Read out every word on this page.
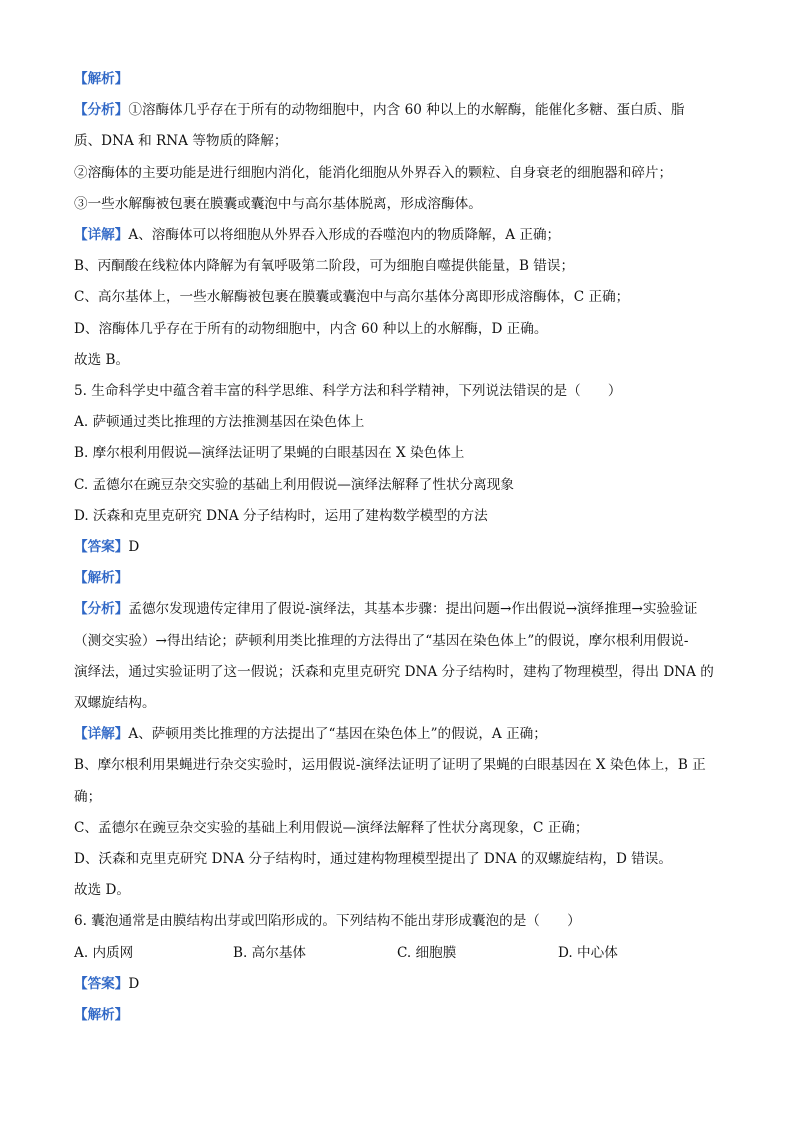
【解析】
【分析】①溶酶体几乎存在于所有的动物细胞中，内含 60 种以上的水解酶，能催化多糖、蛋白质、脂
质、DNA 和 RNA 等物质的降解；
②溶酶体的主要功能是进行细胞内消化，能消化细胞从外界吞入的颗粒、自身衰老的细胞器和碎片；
③一些水解酶被包裹在膜囊或囊泡中与高尔基体脱离，形成溶酶体。
【详解】A、溶酶体可以将细胞从外界吞入形成的吞噬泡内的物质降解，A 正确；
B、丙酮酸在线粒体内降解为有氧呼吸第二阶段，可为细胞自噬提供能量，B 错误；
C、高尔基体上，一些水解酶被包裹在膜囊或囊泡中与高尔基体分离即形成溶酶体，C 正确；
D、溶酶体几乎存在于所有的动物细胞中，内含 60 种以上的水解酶，D 正确。
故选 B。
5. 生命科学史中蕴含着丰富的科学思维、科学方法和科学精神，下列说法错误的是（　　）
A. 萨顿通过类比推理的方法推测基因在染色体上
B. 摩尔根利用假说—演绎法证明了果蝇的白眼基因在 X 染色体上
C. 孟德尔在豌豆杂交实验的基础上利用假说—演绎法解释了性状分离现象
D. 沃森和克里克研究 DNA 分子结构时，运用了建构数学模型的方法
【答案】D
【解析】
【分析】孟德尔发现遗传定律用了假说-演绎法，其基本步骤：提出问题→作出假说→演绎推理→实验验证
（测交实验）→得出结论；萨顿利用类比推理的方法得出了“基因在染色体上”的假说，摩尔根利用假说-
演绎法，通过实验证明了这一假说；沃森和克里克研究 DNA 分子结构时，建构了物理模型，得出 DNA 的
双螺旋结构。
【详解】A、萨顿用类比推理的方法提出了“基因在染色体上”的假说，A 正确；
B、摩尔根利用果蝇进行杂交实验时，运用假说-演绎法证明了证明了果蝇的白眼基因在 X 染色体上，B 正
确；
C、孟德尔在豌豆杂交实验的基础上利用假说—演绎法解释了性状分离现象，C 正确；
D、沃森和克里克研究 DNA 分子结构时，通过建构物理模型提出了 DNA 的双螺旋结构，D 错误。
故选 D。
6. 囊泡通常是由膜结构出芽或凹陷形成的。下列结构不能出芽形成囊泡的是（　　）
A. 内质网	B. 高尔基体	C. 细胞膜	D. 中心体
【答案】D
【解析】
